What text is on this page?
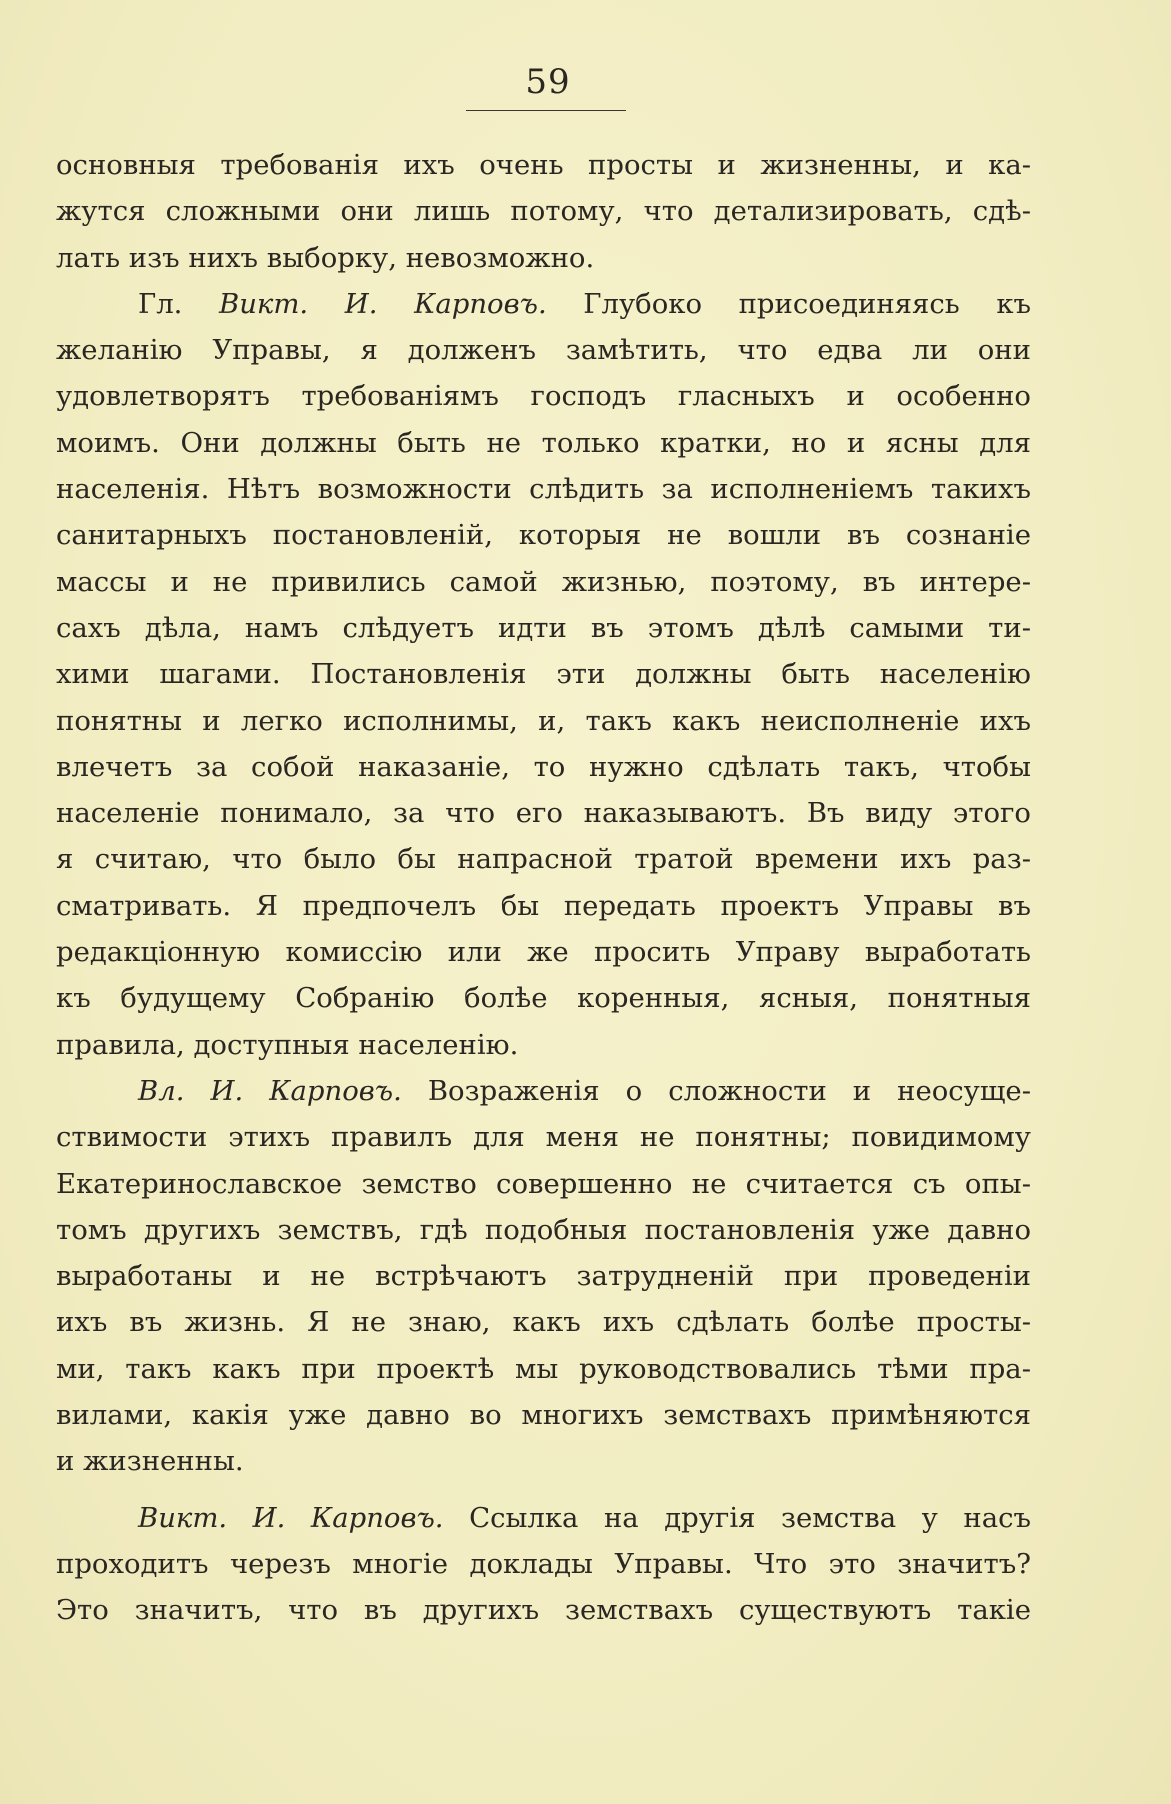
59
основныя требованія ихъ очень просты и жизненны, и ка-
жутся сложными они лишь потому, что детализировать, сдѣ-
лать изъ нихъ выборку, невозможно.
Гл. Викт. И. Карповъ. Глубоко присоединяясь къ
желанію Управы, я долженъ замѣтить, что едва ли они
удовлетворятъ требованіямъ господъ гласныхъ и особенно
моимъ. Они должны быть не только кратки, но и ясны для
населенія. Нѣтъ возможности слѣдить за исполненіемъ такихъ
санитарныхъ постановленій, которыя не вошли въ сознаніе
массы и не привились самой жизнью, поэтому, въ интере-
сахъ дѣла, намъ слѣдуетъ идти въ этомъ дѣлѣ самыми ти-
хими шагами. Постановленія эти должны быть населенію
понятны и легко исполнимы, и, такъ какъ неисполненіе ихъ
влечетъ за собой наказаніе, то нужно сдѣлать такъ, чтобы
населеніе понимало, за что его наказываютъ. Въ виду этого
я считаю, что было бы напрасной тратой времени ихъ раз-
сматривать. Я предпочелъ бы передать проектъ Управы въ
редакціонную комиссію или же просить Управу выработать
къ будущему Собранію болѣе коренныя, ясныя, понятныя
правила, доступныя населенію.
Вл. И. Карповъ. Возраженія о сложности и неосуще-
ствимости этихъ правилъ для меня не понятны; повидимому
Екатеринославское земство совершенно не считается съ опы-
томъ другихъ земствъ, гдѣ подобныя постановленія уже давно
выработаны и не встрѣчаютъ затрудненій при проведеніи
ихъ въ жизнь. Я не знаю, какъ ихъ сдѣлать болѣе просты-
ми, такъ какъ при проектѣ мы руководствовались тѣми пра-
вилами, какія уже давно во многихъ земствахъ примѣняются
и жизненны.
Викт. И. Карповъ. Ссылка на другія земства у насъ
проходитъ черезъ многіе доклады Управы. Что это значитъ?
Это значитъ, что въ другихъ земствахъ существуютъ такіе
